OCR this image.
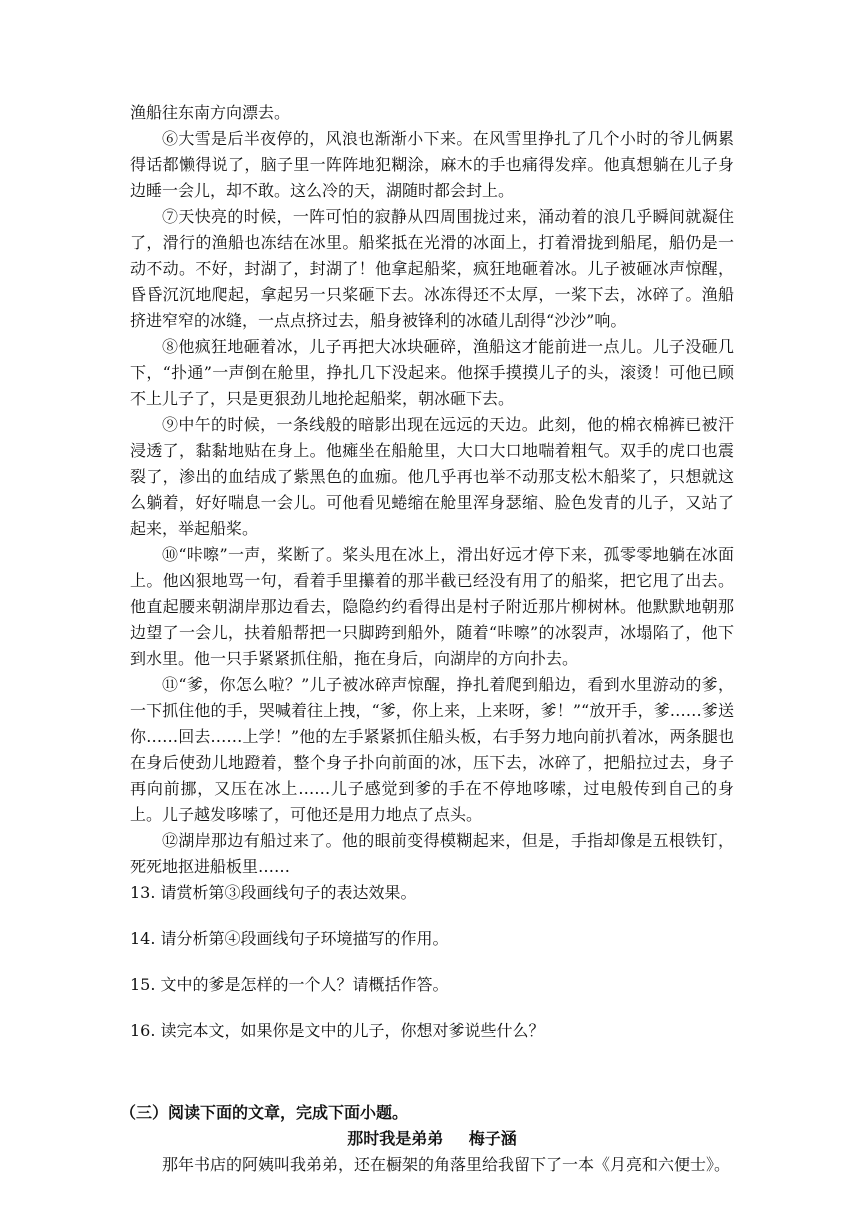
渔船往东南方向漂去。

⑥大雪是后半夜停的，风浪也渐渐小下来。在风雪里挣扎了几个小时的爷儿俩累得话都懒得说了，脑子里一阵阵地犯糊涂，麻木的手也痛得发痒。他真想躺在儿子身边睡一会儿，却不敢。这么冷的天，湖随时都会封上。

⑦天快亮的时候，一阵可怕的寂静从四周围拢过来，涌动着的浪几乎瞬间就凝住了，滑行的渔船也冻结在冰里。船桨抵在光滑的冰面上，打着滑拢到船尾，船仍是一动不动。不好，封湖了，封湖了！他拿起船桨，疯狂地砸着冰。儿子被砸冰声惊醒，昏昏沉沉地爬起，拿起另一只桨砸下去。冰冻得还不太厚，一桨下去，冰碎了。渔船挤进窄窄的冰缝，一点点挤过去，船身被锋利的冰碴儿刮得“沙沙”响。

⑧他疯狂地砸着冰，儿子再把大冰块砸碎，渔船这才能前进一点儿。儿子没砸几下，“扑通”一声倒在舱里，挣扎几下没起来。他探手摸摸儿子的头，滚烫！可他已顾不上儿子了，只是更狠劲儿地抡起船桨，朝冰砸下去。

⑨中午的时候，一条线般的暗影出现在远远的天边。此刻，他的棉衣棉裤已被汗浸透了，黏黏地贴在身上。他瘫坐在船舱里，大口大口地喘着粗气。双手的虎口也震裂了，渗出的血结成了紫黑色的血痂。他几乎再也举不动那支松木船桨了，只想就这么躺着，好好喘息一会儿。可他看见蜷缩在舱里浑身瑟缩、脸色发青的儿子，又站了起来，举起船桨。

⑩“咔嚓”一声，桨断了。桨头甩在冰上，滑出好远才停下来，孤零零地躺在冰面上。他凶狠地骂一句，看着手里攥着的那半截已经没有用了的船桨，把它甩了出去。他直起腰来朝湖岸那边看去，隐隐约约看得出是村子附近那片柳树林。他默默地朝那边望了一会儿，扶着船帮把一只脚跨到船外，随着“咔嚓”的冰裂声，冰塌陷了，他下到水里。他一只手紧紧抓住船，拖在身后，向湖岸的方向扑去。

⑪“爹，你怎么啦？”儿子被冰碎声惊醒，挣扎着爬到船边，看到水里游动的爹，一下抓住他的手，哭喊着往上拽，“爹，你上来，上来呀，爹！”“放开手，爹……爹送你……回去……上学！”他的左手紧紧抓住船头板，右手努力地向前扒着冰，两条腿也在身后使劲儿地蹬着，整个身子扑向前面的冰，压下去，冰碎了，把船拉过去，身子再向前挪，又压在冰上……儿子感觉到爹的手在不停地哆嗦，过电般传到自己的身上。儿子越发哆嗦了，可他还是用力地点了点头。

⑫湖岸那边有船过来了。他的眼前变得模糊起来，但是，手指却像是五根铁钉，死死地抠进船板里……

13. 请赏析第③段画线句子的表达效果。

14. 请分析第④段画线句子环境描写的作用。

15. 文中的爹是怎样的一个人？请概括作答。

16. 读完本文，如果你是文中的儿子，你想对爹说些什么？

（三）阅读下面的文章，完成下面小题。

那时我是弟弟 梅子涵

那年书店的阿姨叫我弟弟，还在橱架的角落里给我留下了一本《月亮和六便士》。
